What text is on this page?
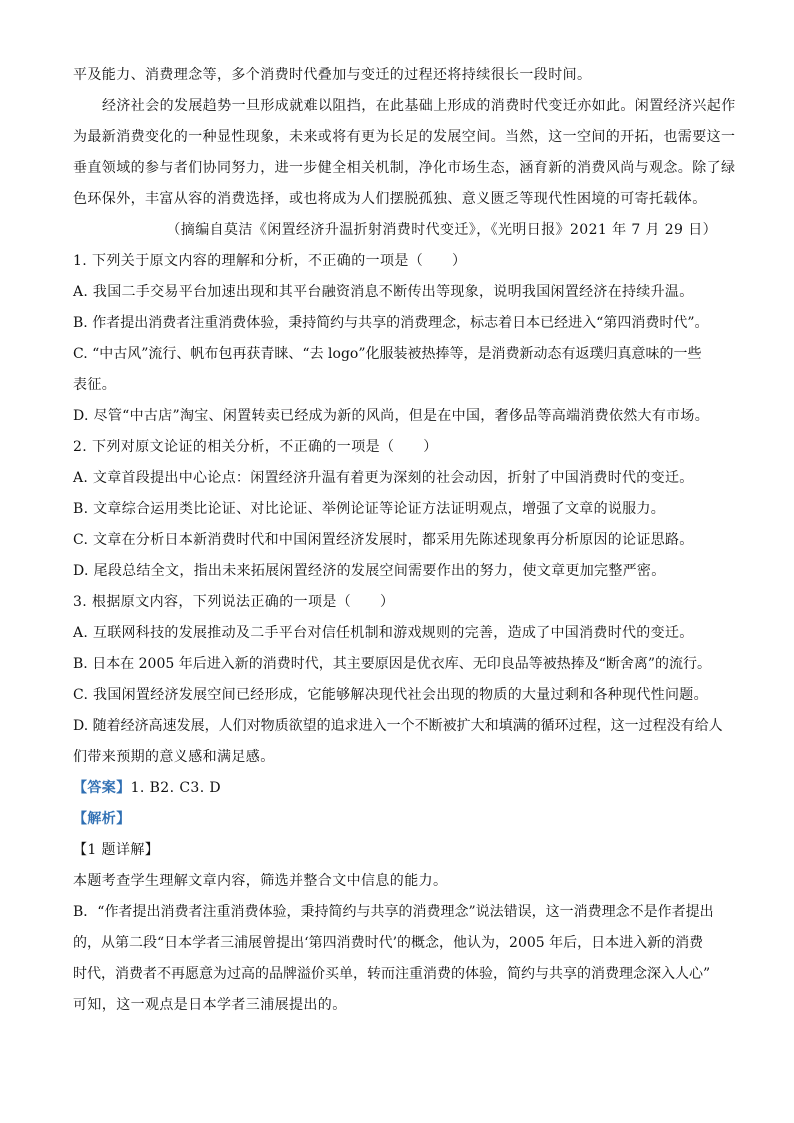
平及能力、消费理念等，多个消费时代叠加与变迁的过程还将持续很长一段时间。
经济社会的发展趋势一旦形成就难以阻挡，在此基础上形成的消费时代变迁亦如此。闲置经济兴起作
为最新消费变化的一种显性现象，未来或将有更为长足的发展空间。当然，这一空间的开拓，也需要这一
垂直领域的参与者们协同努力，进一步健全相关机制，净化市场生态，涵育新的消费风尚与观念。除了绿
色环保外，丰富从容的消费选择，或也将成为人们摆脱孤独、意义匮乏等现代性困境的可寄托载体。
（摘编自莫洁《闲置经济升温折射消费时代变迁》，《光明日报》2021 年 7 月 29 日）
1. 下列关于原文内容的理解和分析，不正确的一项是（　　）
A. 我国二手交易平台加速出现和其平台融资消息不断传出等现象，说明我国闲置经济在持续升温。
B. 作者提出消费者注重消费体验，秉持简约与共享的消费理念，标志着日本已经进入“第四消费时代”。
C. “中古风”流行、帆布包再获青睐、“去 logo”化服装被热捧等，是消费新动态有返璞归真意味的一些
表征。
D. 尽管“中古店”淘宝、闲置转卖已经成为新的风尚，但是在中国，奢侈品等高端消费依然大有市场。
2. 下列对原文论证的相关分析，不正确的一项是（　　）
A. 文章首段提出中心论点：闲置经济升温有着更为深刻的社会动因，折射了中国消费时代的变迁。
B. 文章综合运用类比论证、对比论证、举例论证等论证方法证明观点，增强了文章的说服力。
C. 文章在分析日本新消费时代和中国闲置经济发展时，都采用先陈述现象再分析原因的论证思路。
D. 尾段总结全文，指出未来拓展闲置经济的发展空间需要作出的努力，使文章更加完整严密。
3. 根据原文内容，下列说法正确的一项是（　　）
A. 互联网科技的发展推动及二手平台对信任机制和游戏规则的完善，造成了中国消费时代的变迁。
B. 日本在 2005 年后进入新的消费时代，其主要原因是优衣库、无印良品等被热捧及“断舍离”的流行。
C. 我国闲置经济发展空间已经形成，它能够解决现代社会出现的物质的大量过剩和各种现代性问题。
D. 随着经济高速发展，人们对物质欲望的追求进入一个不断被扩大和填满的循环过程，这一过程没有给人
们带来预期的意义感和满足感。
【答案】1. B2. C3. D
【解析】
【1 题详解】
本题考查学生理解文章内容，筛选并整合文中信息的能力。
B．“作者提出消费者注重消费体验，秉持简约与共享的消费理念”说法错误，这一消费理念不是作者提出
的，从第二段“日本学者三浦展曾提出‘第四消费时代’的概念，他认为，2005 年后，日本进入新的消费
时代，消费者不再愿意为过高的品牌溢价买单，转而注重消费的体验，简约与共享的消费理念深入人心”
可知，这一观点是日本学者三浦展提出的。
